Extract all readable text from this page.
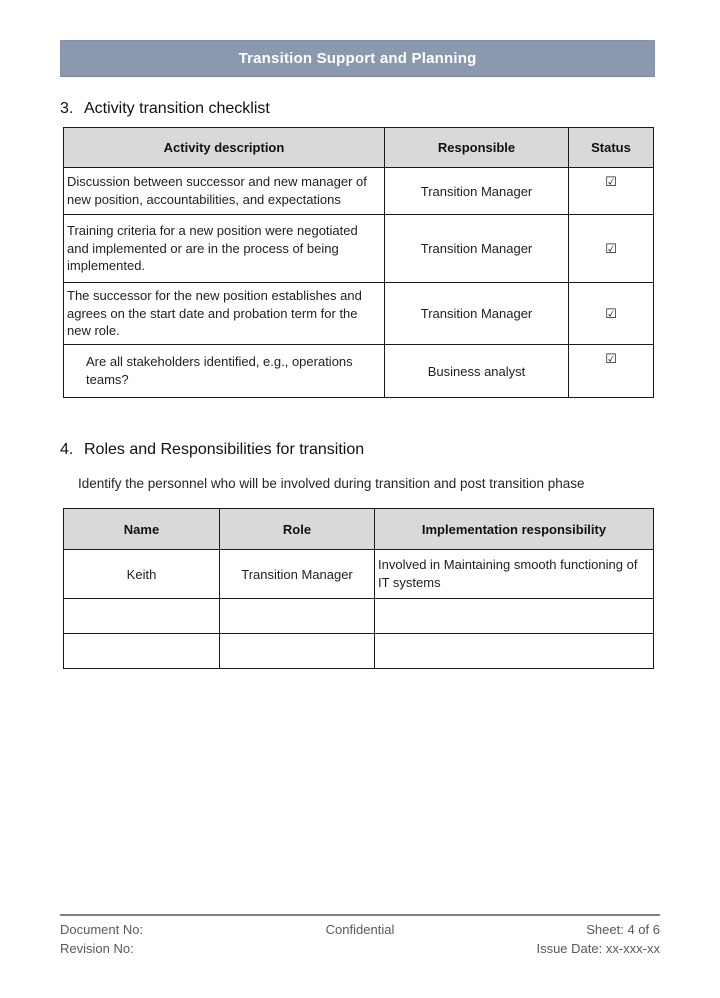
Transition Support and Planning
3. Activity transition checklist
Activity description	Responsible	Status
Discussion between successor and new manager of new position, accountabilities, and expectations	Transition Manager	☑
Training criteria for a new position were negotiated and implemented or are in the process of being implemented.	Transition Manager	☑
The successor for the new position establishes and agrees on the start date and probation term for the new role.	Transition Manager	☑
Are all stakeholders identified, e.g., operations teams?	Business analyst	☑
4. Roles and Responsibilities for transition
Identify the personnel who will be involved during transition and post transition phase
Name	Role	Implementation responsibility
Keith	Transition Manager	Involved in Maintaining smooth functioning of IT systems

Document No:	Confidential	Sheet: 4 of 6
Revision No:	Issue Date: xx-xxx-xx
